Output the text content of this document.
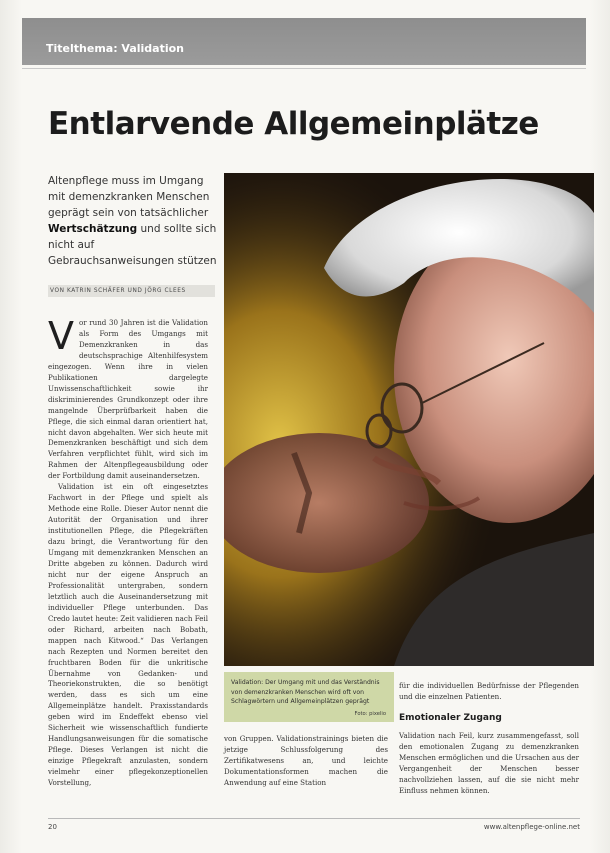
Titelthema: Validation
Entlarvende Allgemeinplätze

Altenpflege muss im Umgang mit demenzkranken Menschen geprägt sein von tatsächlicher Wertschätzung und sollte sich nicht auf Gebrauchsanweisungen stützen

VON KATRIN SCHÄFER UND JÖRG CLEES
V or rund 30 Jahren ist die Validation als Form des Umgangs mit Demenzkranken in das deutschsprachige Altenhilfesystem eingezogen. Wenn ihre in vielen Publikationen dargelegte Unwissenschaftlichkeit sowie ihr diskriminierendes Grundkonzept oder ihre mangelnde Überprüfbarkeit haben die Pflege, die sich einmal daran orientiert hat, nicht davon abgehalten. Wer sich heute mit Demenzkranken beschäftigt und sich dem Verfahren verpflichtet fühlt, wird sich im Rahmen der Altenpflegeausbildung oder der Fortbildung damit auseinandersetzen.

Validation ist ein oft eingesetztes Fachwort in der Pflege und spielt als Methode eine Rolle. Dieser Autor nennt die Autorität der Organisation und ihrer institutionellen Pflege, die Pflegekräften dazu bringt, die Verantwortung für den Umgang mit demenzkranken Menschen an Dritte abgeben zu können. Dadurch wird nicht nur der eigene Anspruch an Professionalität untergraben, sondern letztlich auch die Auseinandersetzung mit individueller Pflege unterbunden. Das Credo lautet heute: Zeit validieren nach Feil oder Richard, arbeiten nach Bobath, mappen nach Kitwood.“ Das Verlangen nach Rezepten und Normen bereitet den fruchtbaren Boden für die unkritische Übernahme von Gedanken- und Theoriekonstrukten, die so benötigt werden, dass es sich um eine Allgemeinplätze handelt. Praxisstandards geben wird im Endeffekt ebenso viel Sicherheit wie wissenschaftlich fundierte Handlungsanweisungen für die somatische Pflege. Dieses Verlangen ist nicht die einzige Pflegekraft anzulasten, sondern vielmehr einer pflegekonzeptionellen Vorstellung,

Validation: Der Umgang mit und das Verständnis von demenzkranken Menschen wird oft von Schlagwörtern und Allgemeinplätzen geprägt
Foto: pixelio
von Gruppen. Validationstrainings bieten die jetzige Schlussfolgerung des Zertifikatwesens an, und leichte Dokumentationsformen machen die Anwendung auf eine Station
für die individuellen Bedürfnisse der Pflegenden und die einzelnen Patienten.
Emotionaler Zugang
Validation nach Feil, kurz zusammengefasst, soll den emotionalen Zugang zu demenzkranken Menschen ermöglichen und die Ursachen aus der Vergangenheit der Menschen besser nachvollziehen lassen, auf die sie nicht mehr Einfluss nehmen können.
20	www.altenpflege-online.net
